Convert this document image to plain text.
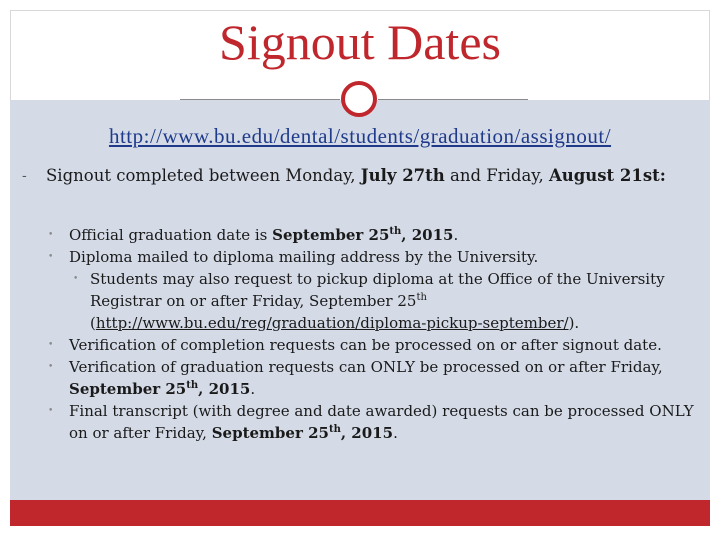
Signout Dates
http://www.bu.edu/dental/students/graduation/assignout/
‐ Signout completed between Monday, July 27th and Friday, August 21st:
• Official graduation date is September 25th, 2015.
• Diploma mailed to diploma mailing address by the University.
• Students may also request to pickup diploma at the Office of the University Registrar on or after Friday, September 25th
(http://www.bu.edu/reg/graduation/diploma-pickup-september/).
• Verification of completion requests can be processed on or after signout date.
• Verification of graduation requests can ONLY be processed on or after Friday, September 25th, 2015.
• Final transcript (with degree and date awarded) requests can be processed ONLY on or after Friday, September 25th, 2015.
